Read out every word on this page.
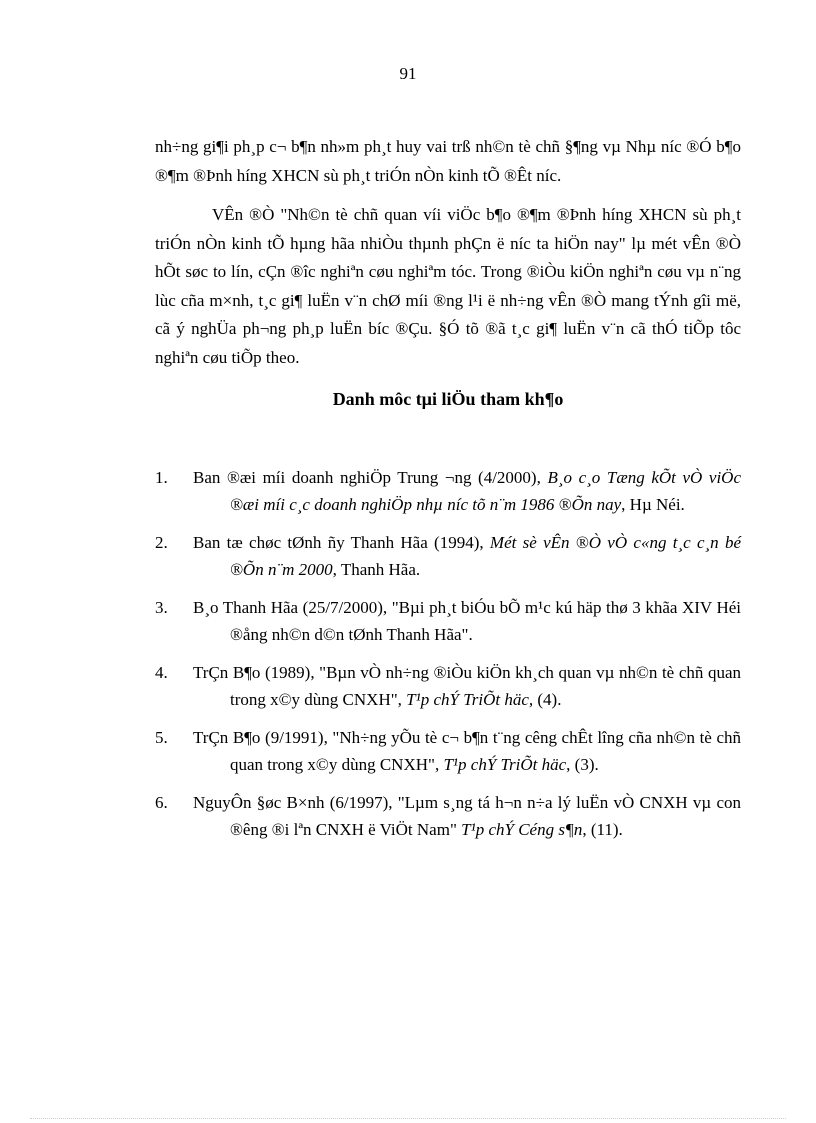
91

nh÷ng gi¶i ph¸p c¬ b¶n nh»m ph¸t huy vai trß nh©n tè chñ §¶ng vµ Nhµ níc ®Ó b¶o ®¶m ®Þnh híng XHCN sù ph¸t triÓn nÒn kinh tÕ ®Êt níc.

VÊn ®Ò "Nh©n tè chñ quan víi viÖc b¶o ®¶m ®Þnh híng XHCN sù ph¸t triÓn nÒn kinh tÕ hµng hãa nhiÒu thµnh phÇn ë níc ta hiÖn nay" lµ mét vÊn ®Ò hÕt søc to lín, cÇn ®îc nghiªn cøu nghiªm tóc. Trong ®iÒu kiÖn nghiªn cøu vµ n¨ng lùc cña m×nh, t¸c gi¶ luËn v¨n chØ míi ®ng l¹i ë nh÷ng vÊn ®Ò mang tÝnh gîi më, cã ý nghÜa ph¬ng ph¸p luËn bíc ®Çu. §Ó tõ ®ã t¸c gi¶ luËn v¨n cã thÓ tiÕp tôc nghiªn cøu tiÕp theo.

Danh môc tµi liÖu tham kh¶o
1. Ban ®æi míi doanh nghiÖp Trung ¬ng (4/2000), B¸o c¸o Tæng kÕt vÒ viÖc ®æi míi c¸c doanh nghiÖp nhµ níc tõ n¨m 1986 ®Õn nay, Hµ Néi.
2. Ban tæ chøc tØnh ñy Thanh Hãa (1994), Mét sè vÊn ®Ò vÒ c«ng t¸c c¸n bé ®Õn n¨m 2000, Thanh Hãa.
3. B¸o Thanh Hãa (25/7/2000), "Bµi ph¸t biÓu bÕ m¹c kú häp thø 3 khãa XIV Héi ®ång nh©n d©n tØnh Thanh Hãa".
4. TrÇn B¶o (1989), "Bµn vÒ nh÷ng ®iÒu kiÖn kh¸ch quan vµ nh©n tè chñ quan trong x©y dùng CNXH", T¹p chÝ TriÕt häc, (4).
5. TrÇn B¶o (9/1991), "Nh÷ng yÕu tè c¬ b¶n t¨ng cêng chÊt lîng cña nh©n tè chñ quan trong x©y dùng CNXH", T¹p chÝ TriÕt häc, (3).
6. NguyÔn §øc B×nh (6/1997), "Lµm s¸ng tá h¬n n÷a lý luËn vÒ CNXH vµ con ®êng ®i lªn CNXH ë ViÖt Nam" T¹p chÝ Céng s¶n, (11).
